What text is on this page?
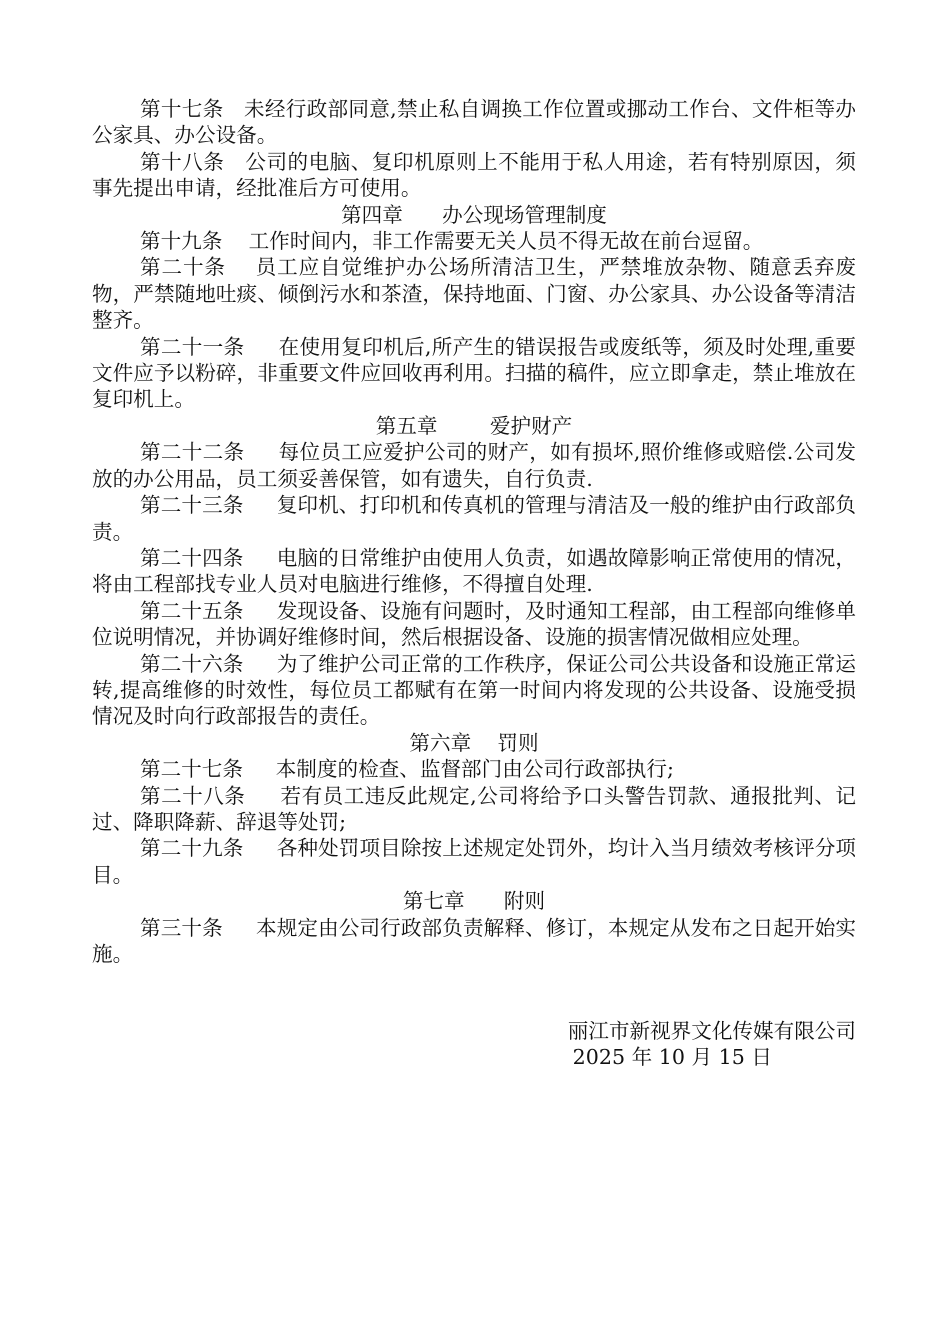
第十七条 未经行政部同意,禁止私自调换工作位置或挪动工作台、文件柜等办公家具、办公设备。

第十八条 公司的电脑、复印机原则上不能用于私人用途，若有特别原因，须事先提出申请，经批准后方可使用。

第四章      办公现场管理制度

第十九条 工作时间内，非工作需要无关人员不得无故在前台逗留。

第二十条 员工应自觉维护办公场所清洁卫生，严禁堆放杂物、随意丢弃废物，严禁随地吐痰、倾倒污水和茶渣，保持地面、门窗、办公家具、办公设备等清洁整齐。

第二十一条 在使用复印机后,所产生的错误报告或废纸等，须及时处理,重要文件应予以粉碎，非重要文件应回收再利用。扫描的稿件，应立即拿走，禁止堆放在复印机上。

第五章        爱护财产

第二十二条 每位员工应爱护公司的财产，如有损坏,照价维修或赔偿.公司发放的办公用品，员工须妥善保管，如有遗失，自行负责.

第二十三条 复印机、打印机和传真机的管理与清洁及一般的维护由行政部负责。

第二十四条 电脑的日常维护由使用人负责，如遇故障影响正常使用的情况，将由工程部找专业人员对电脑进行维修，不得擅自处理.

第二十五条 发现设备、设施有问题时，及时通知工程部，由工程部向维修单位说明情况，并协调好维修时间，然后根据设备、设施的损害情况做相应处理。

第二十六条 为了维护公司正常的工作秩序，保证公司公共设备和设施正常运转,提高维修的时效性，每位员工都赋有在第一时间内将发现的公共设备、设施受损情况及时向行政部报告的责任。

第六章    罚则

第二十七条 本制度的检查、监督部门由公司行政部执行;

第二十八条 若有员工违反此规定,公司将给予口头警告罚款、通报批判、记过、降职降薪、辞退等处罚;

第二十九条 各种处罚项目除按上述规定处罚外，均计入当月绩效考核评分项目。

第七章      附则

第三十条 本规定由公司行政部负责解释、修订，本规定从发布之日起开始实施。

丽江市新视界文化传媒有限公司
2025 年 10 月 15 日
